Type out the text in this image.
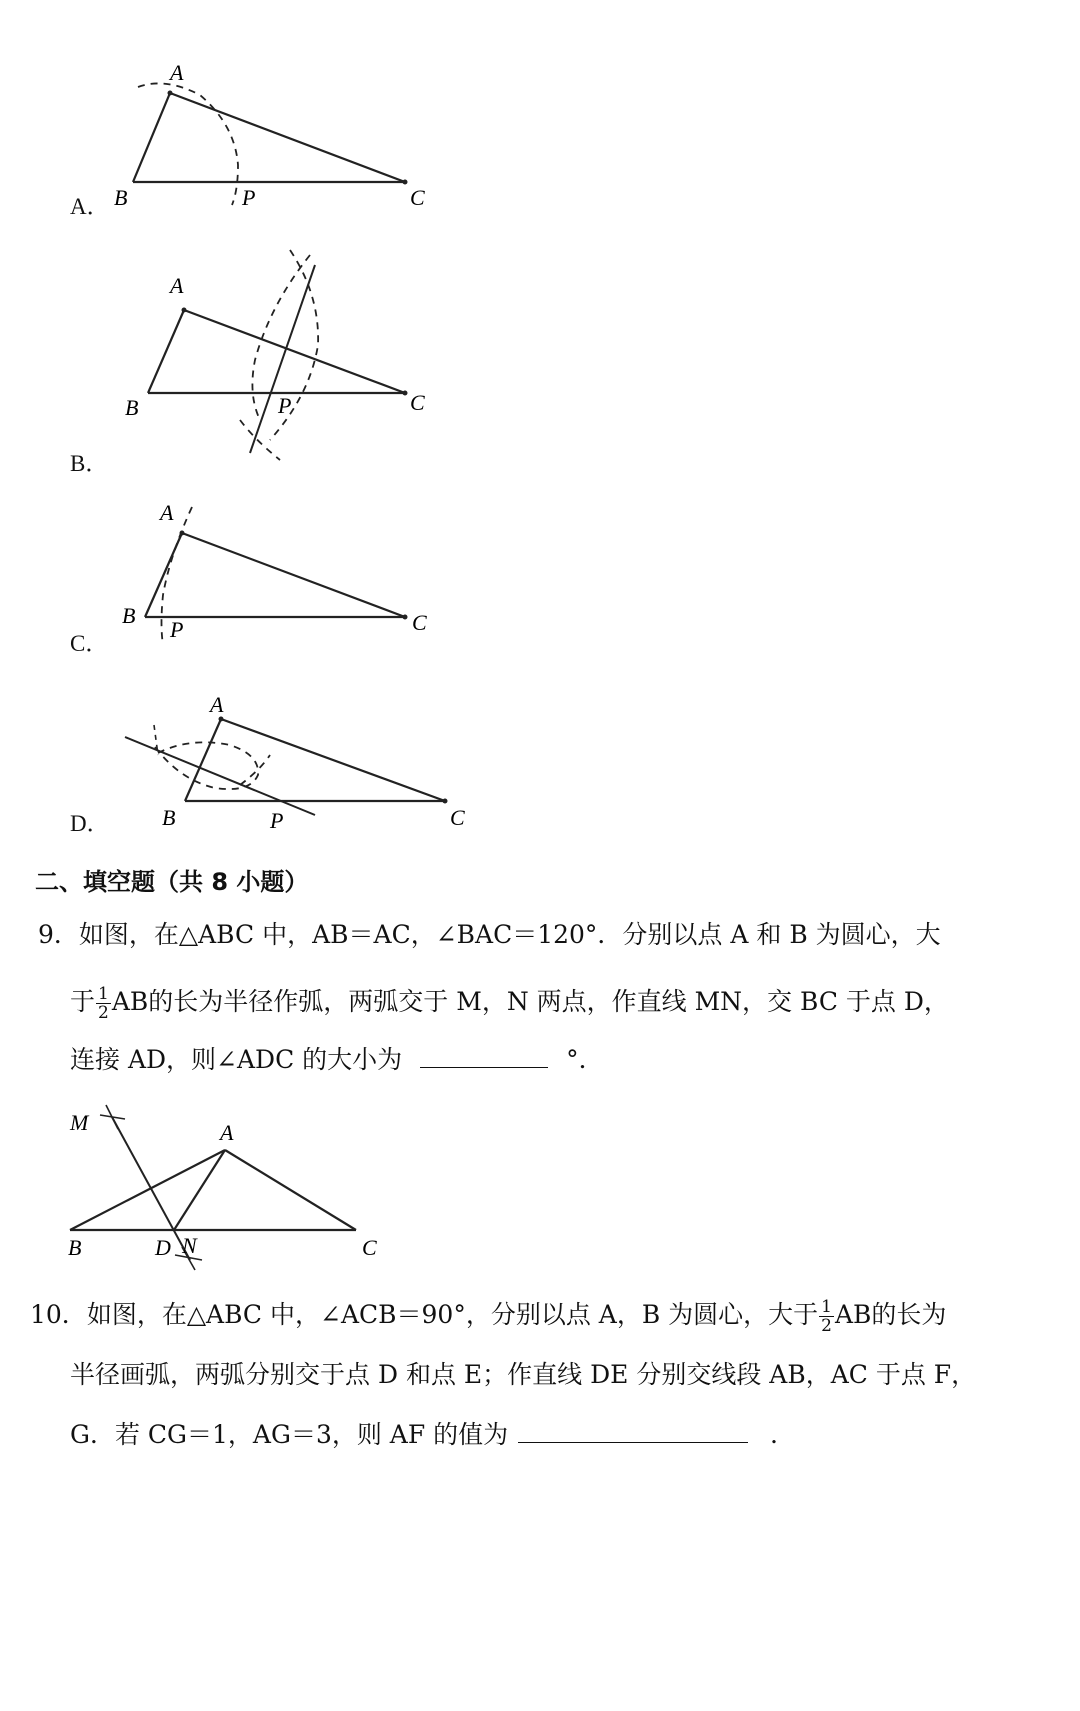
A．
A
B	C
P
B．
A
B	C
P
C．
A
B	C
P
D．
A
B	C
P
二、填空题（共 8 小题）
9．如图，在△ABC 中，AB＝AC，∠BAC＝120°．分别以点 A 和 B 为圆心，大
于 $\frac{1}{2}$ AB的长为半径作弧，两弧交于 M，N 两点，作直线 MN，交 BC 于点 D，
连接 AD，则∠ADC 的大小为	°．
M	A
B	D N	C
10．如图，在△ABC 中，∠ACB＝90°，分别以点 A，B 为圆心，大于 $\frac{1}{2}$ AB的长为
半径画弧，两弧分别交于点 D 和点 E；作直线 DE 分别交线段 AB，AC 于点 F，
G．若 CG＝1，AG＝3，则 AF 的值为	．
